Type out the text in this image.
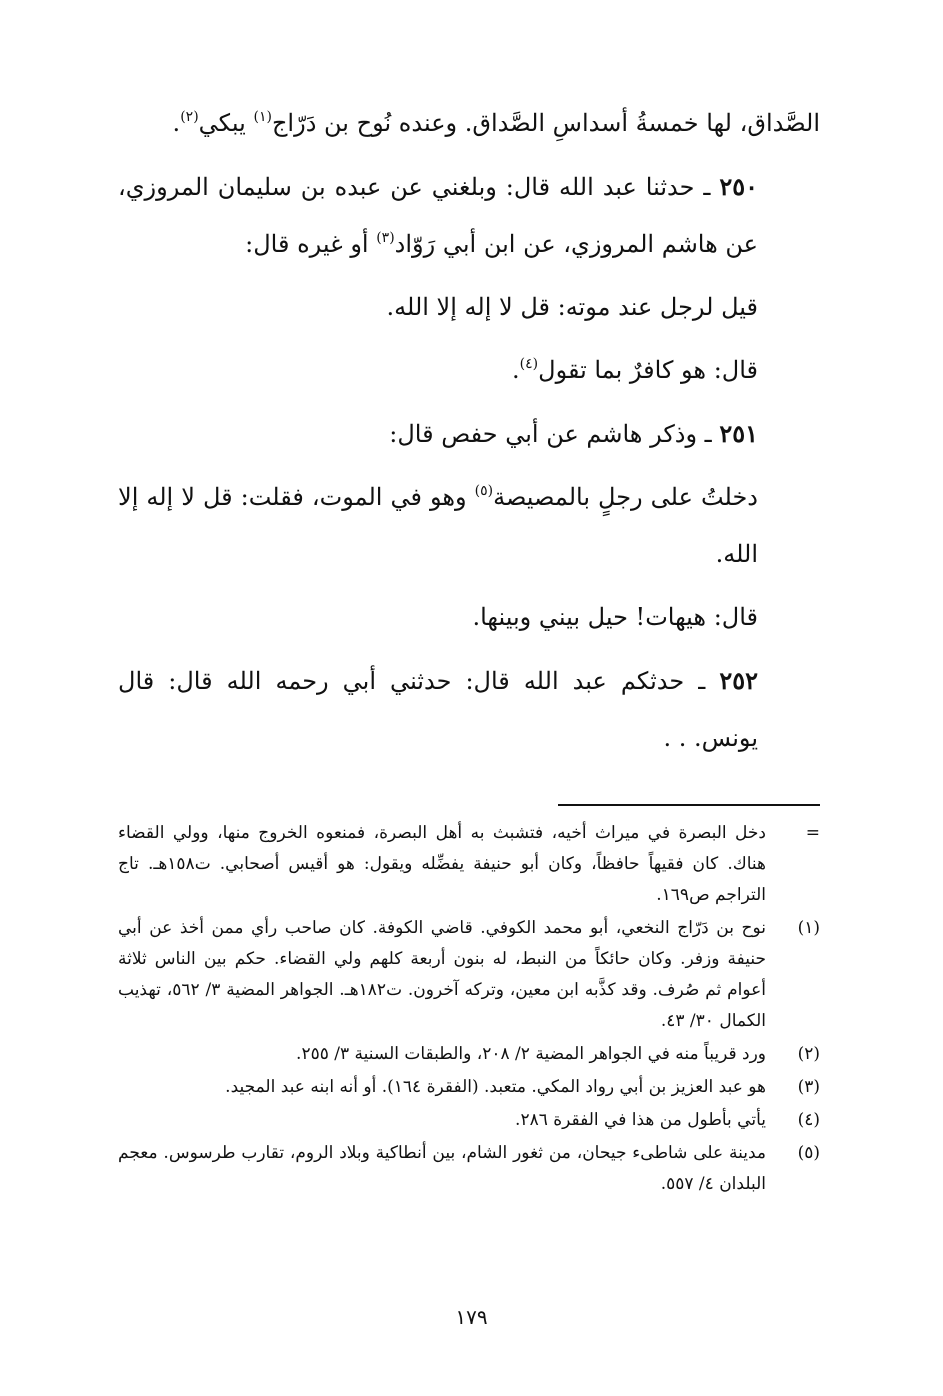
الصَّداق، لها خمسةُ أسداسِ الصَّداق. وعنده نُوح بن دَرّاج$^{(١)}$ يبكي$^{(٢)}$.

٢٥٠ ـ حدثنا عبد الله قال: وبلغني عن عبده بن سليمان المروزي، عن هاشم المروزي، عن ابن أبي رَوّاد$^{(٣)}$ أو غيره قال:

قيل لرجل عند موته: قل لا إله إلا الله.

قال: هو كافرٌ بما تقول$^{(٤)}$.

٢٥١ ـ وذكر هاشم عن أبي حفص قال:

دخلتُ على رجلٍ بالمصيصة$^{(٥)}$ وهو في الموت، فقلت: قل لا إله إلا الله.

قال: هيهات! حيل بيني وبينها.

٢٥٢ ـ حدثكم عبد الله قال: حدثني أبي رحمه الله قال: قال يونس. . .

=
دخل البصرة في ميراث أخيه، فتشبث به أهل البصرة، فمنعوه الخروج منها، وولي القضاء هناك. كان فقيهاً حافظاً، وكان أبو حنيفة يفضِّله ويقول: هو أقيس أصحابي. ت١٥٨هـ. تاج التراجم ص١٦٩.
(١)
نوح بن دَرّاج النخعي، أبو محمد الكوفي. قاضي الكوفة. كان صاحب رأي ممن أخذ عن أبي حنيفة وزفر. وكان حائكاً من النبط، له بنون أربعة كلهم ولي القضاء. حكم بين الناس ثلاثة أعوام ثم صُرف. وقد كذَّبه ابن معين، وتركه آخرون. ت١٨٢هـ. الجواهر المضية ٣/ ٥٦٢، تهذيب الكمال ٣٠/ ٤٣.
(٢)
ورد قريباً منه في الجواهر المضية ٢/ ٢٠٨، والطبقات السنية ٣/ ٢٥٥.
(٣)
هو عبد العزيز بن أبي رواد المكي. متعبد. (الفقرة ١٦٤). أو أنه ابنه عبد المجيد.
(٤)
يأتي بأطول من هذا في الفقرة ٢٨٦.
(٥)
مدينة على شاطىء جيحان، من ثغور الشام، بين أنطاكية وبلاد الروم، تقارب طرسوس. معجم البلدان ٤/ ٥٥٧.
١٧٩
